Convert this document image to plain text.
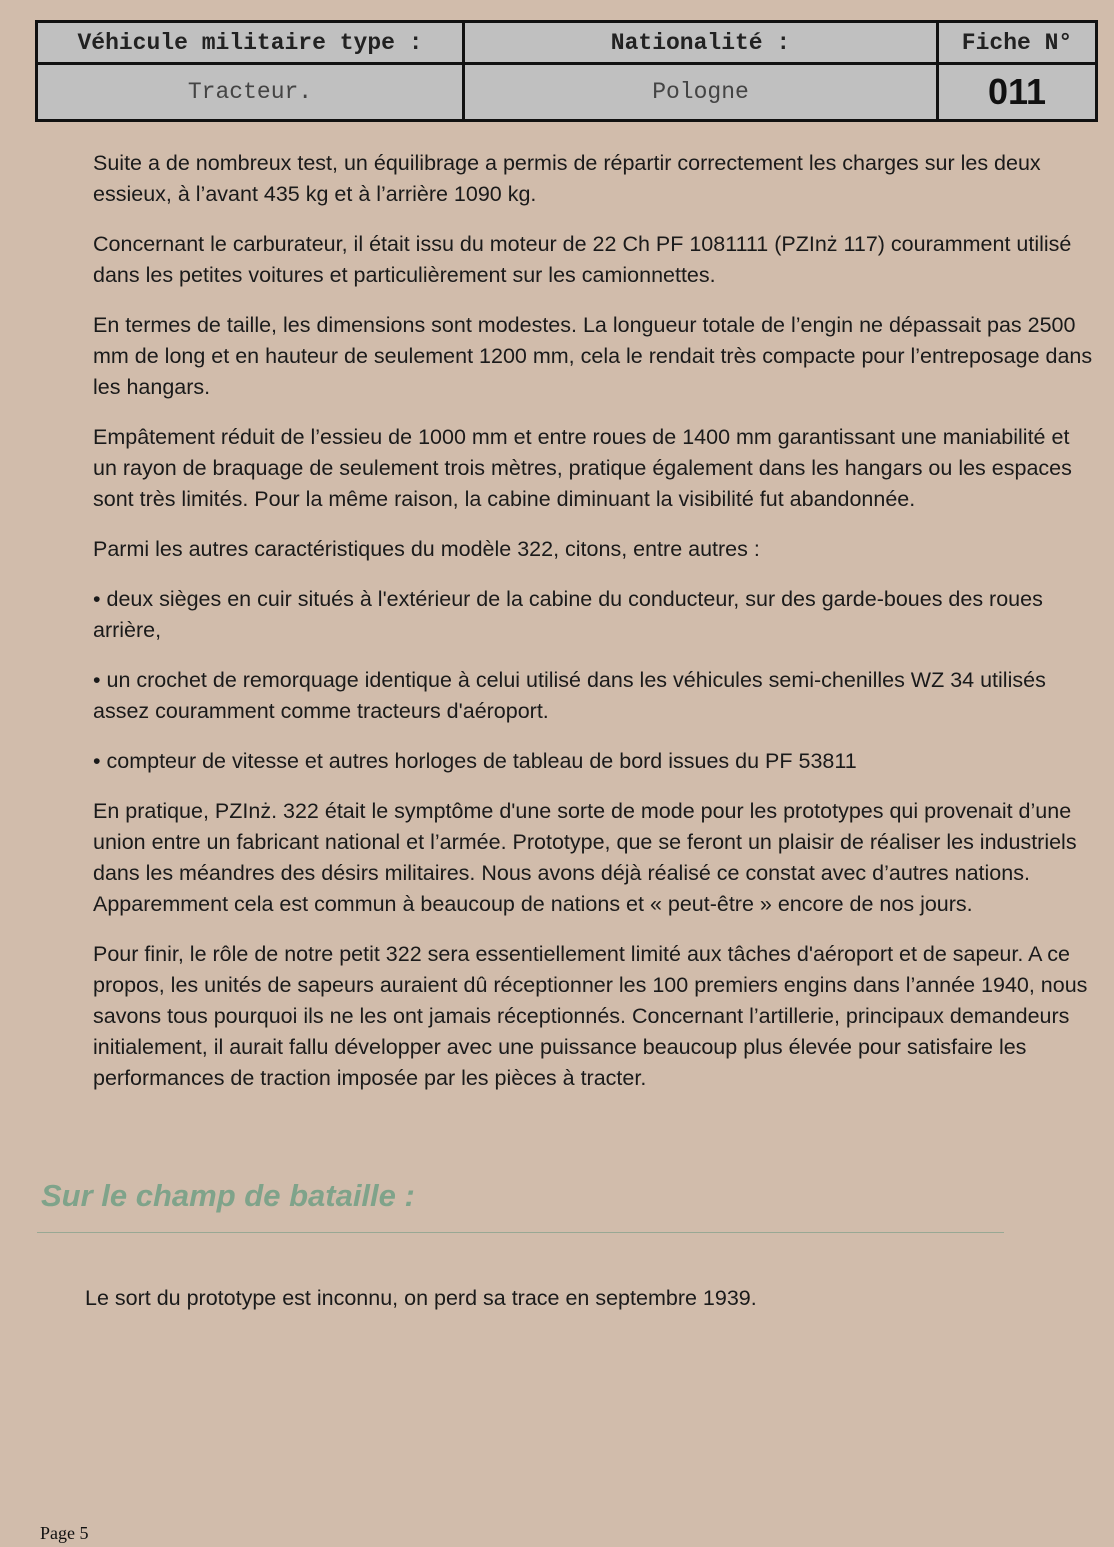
Véhicule militaire type :	Nationalité :	Fiche N°
Tracteur.	Pologne	011

Suite a de nombreux test, un équilibrage a permis de répartir correctement les charges sur les deux essieux, à l’avant 435 kg et à l’arrière 1090 kg.

Concernant le carburateur, il était issu du moteur de 22 Ch PF 1081111 (PZInż 117) couramment utilisé dans les petites voitures et particulièrement sur les camionnettes.

En termes de taille, les dimensions sont modestes. La longueur totale de l’engin ne dépassait pas 2500 mm de long et en hauteur de seulement 1200 mm, cela le rendait très compacte pour l’entreposage dans les hangars.

Empâtement réduit de l’essieu de 1000 mm et entre roues de 1400 mm garantissant une maniabilité et un rayon de braquage de seulement trois mètres, pratique également dans les hangars ou les espaces sont très limités. Pour la même raison, la cabine diminuant la visibilité fut abandonnée.

Parmi les autres caractéristiques du modèle 322, citons, entre autres :

• deux sièges en cuir situés à l'extérieur de la cabine du conducteur, sur des garde-boues des roues arrière,

• un crochet de remorquage identique à celui utilisé dans les véhicules semi-chenilles WZ 34 utilisés assez couramment comme tracteurs d'aéroport.

• compteur de vitesse et autres horloges de tableau de bord issues du PF 53811

En pratique, PZInż. 322 était le symptôme d'une sorte de mode pour les prototypes qui provenait d’une union entre un fabricant national et l’armée. Prototype, que se feront un plaisir de réaliser les industriels dans les méandres des désirs militaires. Nous avons déjà réalisé ce constat avec d’autres nations. Apparemment cela est commun à beaucoup de nations et « peut-être » encore de nos jours.

Pour finir, le rôle de notre petit 322 sera essentiellement limité aux tâches d'aéroport et de sapeur. A ce propos, les unités de sapeurs auraient dû réceptionner les 100 premiers engins dans l’année 1940, nous savons tous pourquoi ils ne les ont jamais réceptionnés. Concernant l’artillerie, principaux demandeurs initialement, il aurait fallu développer avec une puissance beaucoup plus élevée pour satisfaire les performances de traction imposée par les pièces à tracter.

Sur le champ de bataille :

Le sort du prototype est inconnu, on perd sa trace en septembre 1939.

Page 5
